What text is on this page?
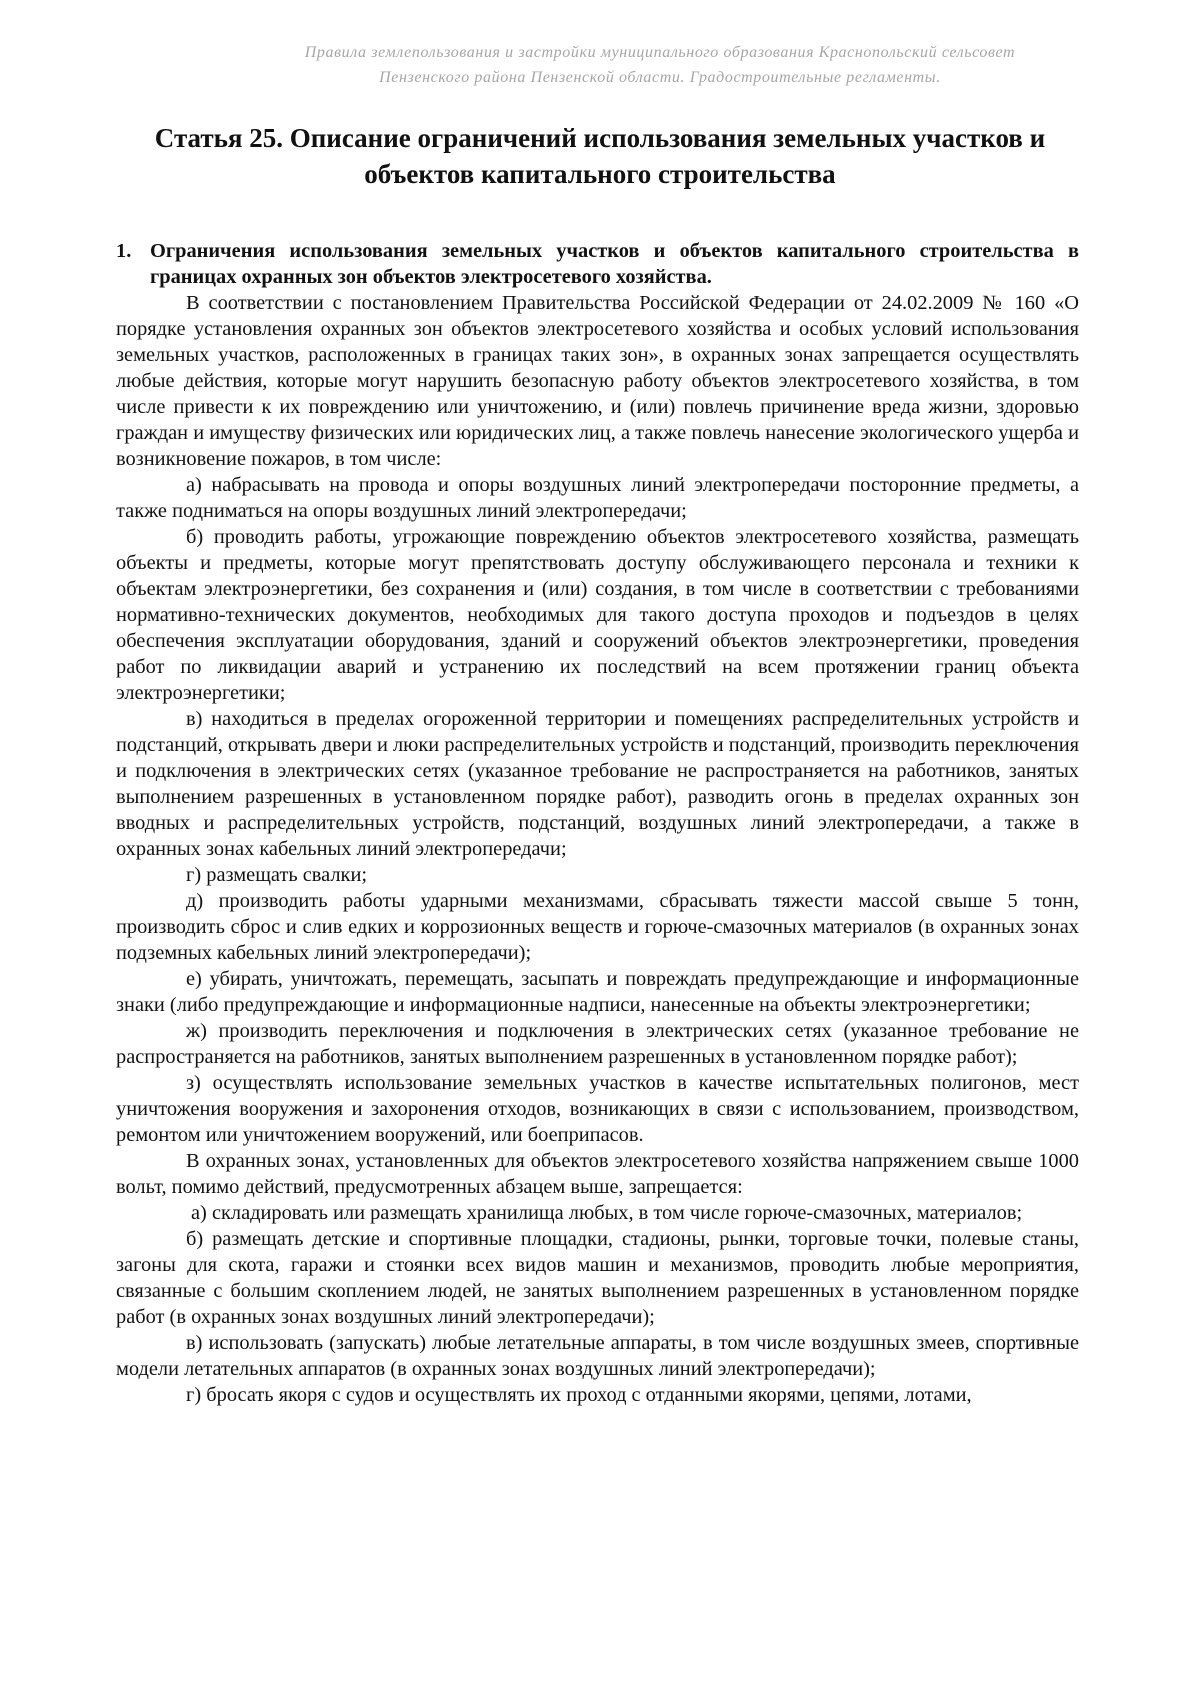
Правила землепользования и застройки муниципального образования Краснопольский сельсовет
Пензенского района Пензенской области. Градостроительные регламенты.
Статья 25. Описание ограничений использования земельных участков и
объектов капитального строительства

1. Ограничения использования земельных участков и объектов капитального строительства в границах охранных зон объектов электросетевого хозяйства.

В соответствии с постановлением Правительства Российской Федерации от 24.02.2009 № 160 «О порядке установления охранных зон объектов электросетевого хозяйства и особых условий использования земельных участков, расположенных в границах таких зон», в охранных зонах запрещается осуществлять любые действия, которые могут нарушить безопасную работу объектов электросетевого хозяйства, в том числе привести к их повреждению или уничтожению, и (или) повлечь причинение вреда жизни, здоровью граждан и имуществу физических или юридических лиц, а также повлечь нанесение экологического ущерба и возникновение пожаров, в том числе:

а) набрасывать на провода и опоры воздушных линий электропередачи посторонние предметы, а также подниматься на опоры воздушных линий электропередачи;

б) проводить работы, угрожающие повреждению объектов электросетевого хозяйства, размещать объекты и предметы, которые могут препятствовать доступу обслуживающего персонала и техники к объектам электроэнергетики, без сохранения и (или) создания, в том числе в соответствии с требованиями нормативно-технических документов, необходимых для такого доступа проходов и подъездов в целях обеспечения эксплуатации оборудования, зданий и сооружений объектов электроэнергетики, проведения работ по ликвидации аварий и устранению их последствий на всем протяжении границ объекта электроэнергетики;

в) находиться в пределах огороженной территории и помещениях распределительных устройств и подстанций, открывать двери и люки распределительных устройств и подстанций, производить переключения и подключения в электрических сетях (указанное требование не распространяется на работников, занятых выполнением разрешенных в установленном порядке работ), разводить огонь в пределах охранных зон вводных и распределительных устройств, подстанций, воздушных линий электропередачи, а также в охранных зонах кабельных линий электропередачи;

г) размещать свалки;

д) производить работы ударными механизмами, сбрасывать тяжести массой свыше 5 тонн, производить сброс и слив едких и коррозионных веществ и горюче-смазочных материалов (в охранных зонах подземных кабельных линий электропередачи);

е) убирать, уничтожать, перемещать, засыпать и повреждать предупреждающие и информационные знаки (либо предупреждающие и информационные надписи, нанесенные на объекты электроэнергетики;

ж) производить переключения и подключения в электрических сетях (указанное требование не распространяется на работников, занятых выполнением разрешенных в установленном порядке работ);

з) осуществлять использование земельных участков в качестве испытательных полигонов, мест уничтожения вооружения и захоронения отходов, возникающих в связи с использованием, производством, ремонтом или уничтожением вооружений, или боеприпасов.

В охранных зонах, установленных для объектов электросетевого хозяйства напряжением свыше 1000 вольт, помимо действий, предусмотренных абзацем выше, запрещается:

а) складировать или размещать хранилища любых, в том числе горюче-смазочных, материалов;

б) размещать детские и спортивные площадки, стадионы, рынки, торговые точки, полевые станы, загоны для скота, гаражи и стоянки всех видов машин и механизмов, проводить любые мероприятия, связанные с большим скоплением людей, не занятых выполнением разрешенных в установленном порядке работ (в охранных зонах воздушных линий электропередачи);

в) использовать (запускать) любые летательные аппараты, в том числе воздушных змеев, спортивные модели летательных аппаратов (в охранных зонах воздушных линий электропередачи);

г) бросать якоря с судов и осуществлять их проход с отданными якорями, цепями, лотами,
